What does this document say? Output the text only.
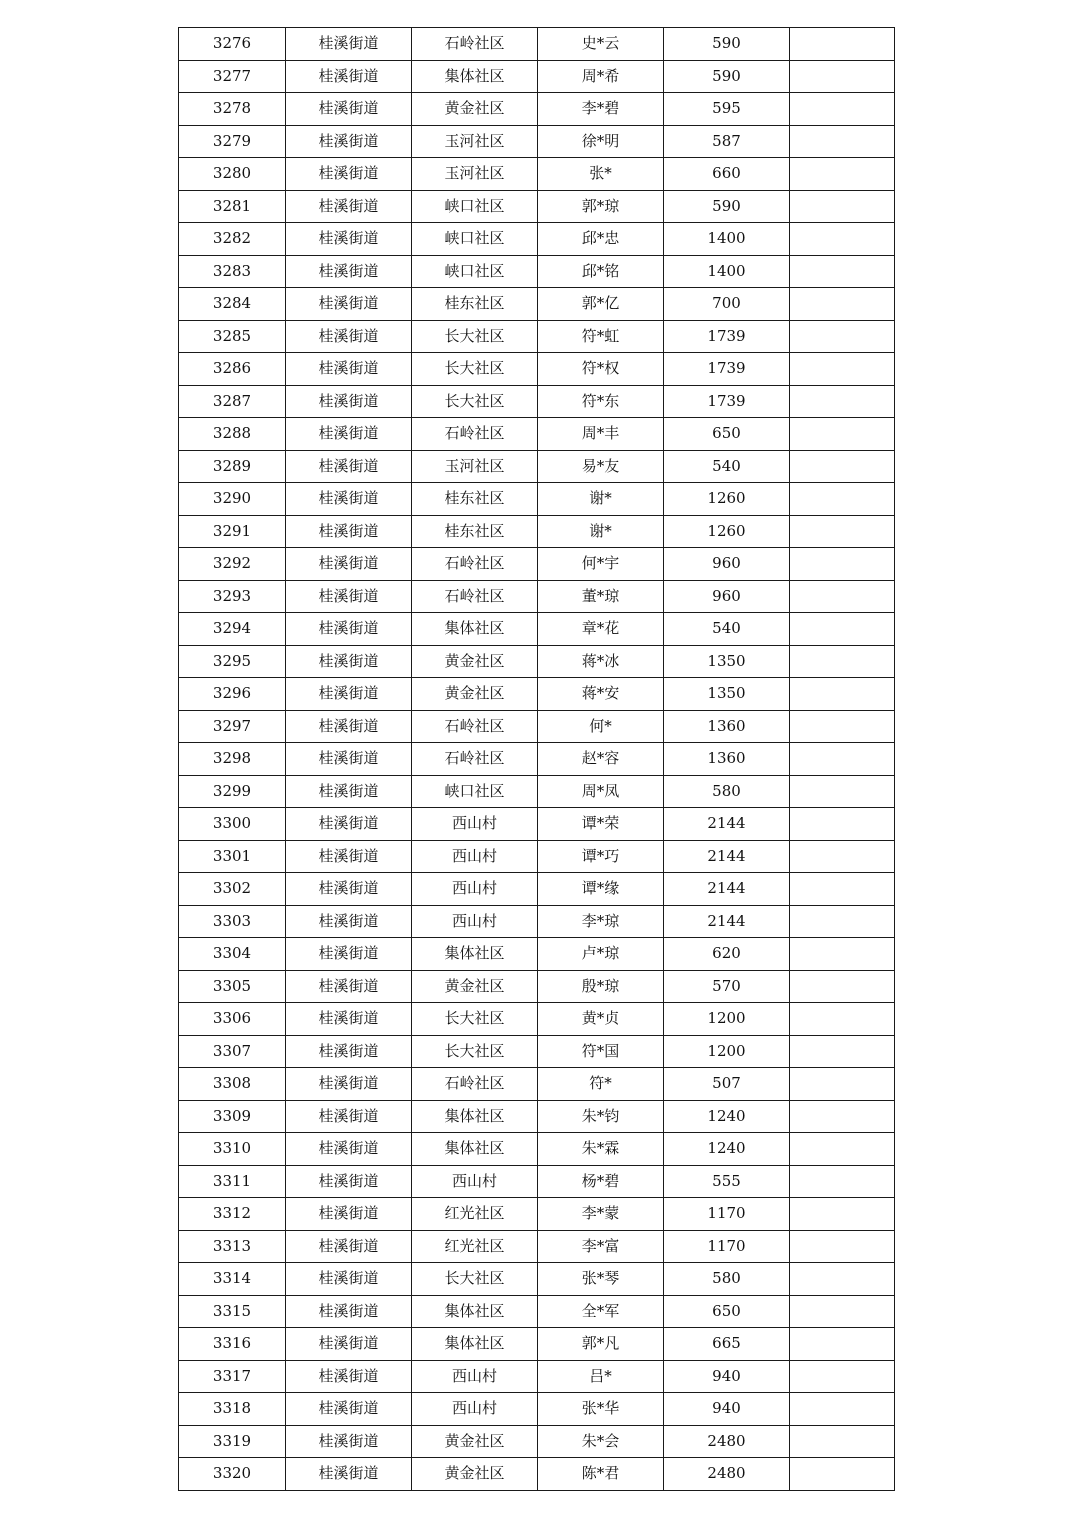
3276	桂溪街道	石岭社区	史*云	590	
3277	桂溪街道	集体社区	周*希	590	
3278	桂溪街道	黄金社区	李*碧	595	
3279	桂溪街道	玉河社区	徐*明	587	
3280	桂溪街道	玉河社区	张*	660	
3281	桂溪街道	峡口社区	郭*琼	590	
3282	桂溪街道	峡口社区	邱*忠	1400	
3283	桂溪街道	峡口社区	邱*铭	1400	
3284	桂溪街道	桂东社区	郭*亿	700	
3285	桂溪街道	长大社区	符*虹	1739	
3286	桂溪街道	长大社区	符*权	1739	
3287	桂溪街道	长大社区	符*东	1739	
3288	桂溪街道	石岭社区	周*丰	650	
3289	桂溪街道	玉河社区	易*友	540	
3290	桂溪街道	桂东社区	谢*	1260	
3291	桂溪街道	桂东社区	谢*	1260	
3292	桂溪街道	石岭社区	何*宇	960	
3293	桂溪街道	石岭社区	董*琼	960	
3294	桂溪街道	集体社区	章*花	540	
3295	桂溪街道	黄金社区	蒋*冰	1350	
3296	桂溪街道	黄金社区	蒋*安	1350	
3297	桂溪街道	石岭社区	何*	1360	
3298	桂溪街道	石岭社区	赵*容	1360	
3299	桂溪街道	峡口社区	周*凤	580	
3300	桂溪街道	西山村	谭*荣	2144	
3301	桂溪街道	西山村	谭*巧	2144	
3302	桂溪街道	西山村	谭*缘	2144	
3303	桂溪街道	西山村	李*琼	2144	
3304	桂溪街道	集体社区	卢*琼	620	
3305	桂溪街道	黄金社区	殷*琼	570	
3306	桂溪街道	长大社区	黄*贞	1200	
3307	桂溪街道	长大社区	符*国	1200	
3308	桂溪街道	石岭社区	符*	507	
3309	桂溪街道	集体社区	朱*钧	1240	
3310	桂溪街道	集体社区	朱*霖	1240	
3311	桂溪街道	西山村	杨*碧	555	
3312	桂溪街道	红光社区	李*蒙	1170	
3313	桂溪街道	红光社区	李*富	1170	
3314	桂溪街道	长大社区	张*琴	580	
3315	桂溪街道	集体社区	全*军	650	
3316	桂溪街道	集体社区	郭*凡	665	
3317	桂溪街道	西山村	吕*	940	
3318	桂溪街道	西山村	张*华	940	
3319	桂溪街道	黄金社区	朱*会	2480	
3320	桂溪街道	黄金社区	陈*君	2480	
